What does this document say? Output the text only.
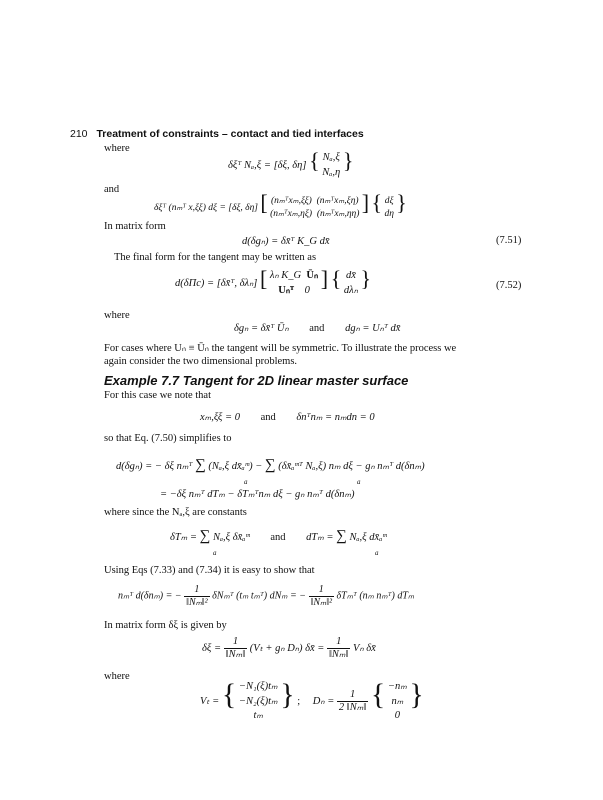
210 Treatment of constraints – contact and tied interfaces
where
δξᵀ Nₐ,ξ = [δξ, δη] { Nₐ,ξ
Nₐ,η }
and
δξᵀ (nₘᵀ x,ξξ) dξ = [δξ, δη] [ (nₘᵀxₘ,ξξ) (nₘᵀxₘ,ξη)
(nₘᵀxₘ,ηξ) (nₘᵀxₘ,ηη) ] { dξ
dη }
In matrix form
d(δgₙ) = δx̄ᵀ K_G dx̄	(7.51)
The final form for the tangent may be written as
d(δΠc) = [δx̄ᵀ, δλₙ] [ λₙ K_G Ūₙ
Uₙᵀ 0 ] { dx̄
dλₙ }	(7.52)
where
δgₙ = δx̄ᵀ Ūₙ and dgₙ = Uₙᵀ dx̄
For cases where Uₙ ≡ Ūₙ the tangent will be symmetric. To illustrate the process we
again consider the two dimensional problems.
Example 7.7 Tangent for 2D linear master surface
For this case we note that
xₘ,ξξ = 0 and δnᵀnₘ = nₘdn = 0
so that Eq. (7.50) simplifies to
d(δgₙ) = − δξ nₘᵀ ∑ (Nₐ,ξ dx̄ₐᵐ) − ∑ (δx̄ₐᵐᵀ Nₐ,ξ) nₘ dξ − gₙ nₘᵀ d(δnₘ)
a	a
= −δξ nₘᵀ dTₘ − δTₘᵀnₘ dξ − gₙ nₘᵀ d(δnₘ)
where since the Nₐ,ξ are constants
δTₘ = ∑ Nₐ,ξ δx̄ₐᵐ and dTₘ = ∑ Nₐ,ξ dx̄ₐᵐ
a	a
Using Eqs (7.33) and (7.34) it is easy to show that
nₘᵀ d(δnₘ) = − $\frac{1}{\text{‖Nₘ‖²}}$ δNₘᵀ (tₘ tₘᵀ) dNₘ = − $\frac{1}{\text{‖Nₘ‖²}}$ δTₘᵀ (nₘ nₘᵀ) dTₘ
In matrix form δξ is given by
$\delta\xi = \frac{1}{\text{‖Nₘ‖}} (V_t + g_n$ Dₙ) δx̄ = $\frac{1}{\text{‖Nₘ‖}}$ Vₙ δx̄
where
Vₜ = { −N₁(ξ)tₘ
−N₂(ξ)tₘ
tₘ
} ; $D_n = \frac{1}{\text{2 ‖Nₘ‖}}$ { −nₘ
nₘ
0
}
